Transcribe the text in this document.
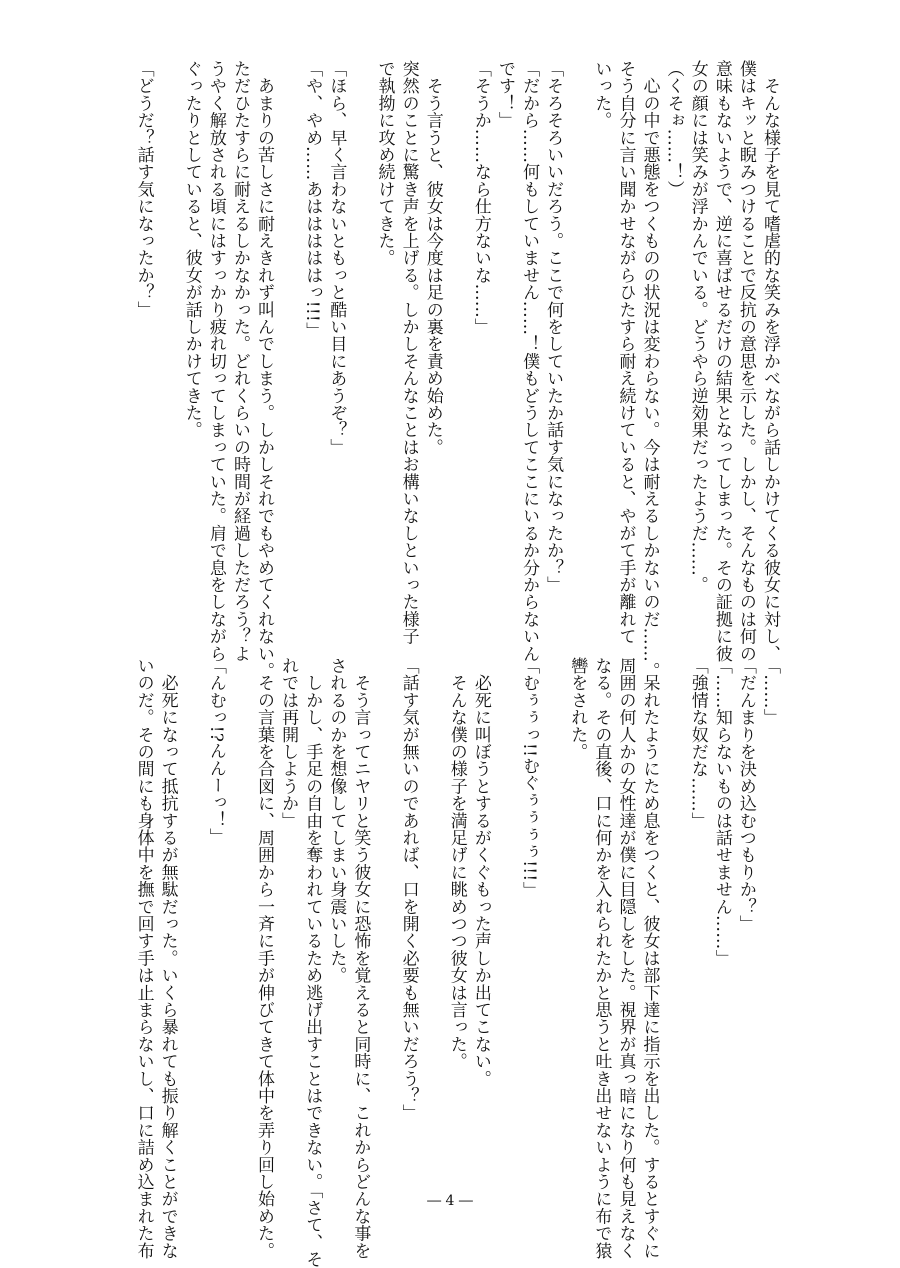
　そんな様子を見て嗜虐的な笑みを浮かべながら話しかけてくる彼女に対し、
僕はキッと睨みつけることで反抗の意思を示した。しかし、そんなものは何の
意味もないようで、逆に喜ばせるだけの結果となってしまった。その証拠に彼
女の顔には笑みが浮かんでいる。どうやら逆効果だったようだ……。
（くそぉ……！）
　心の中で悪態をつくものの状況は変わらない。今は耐えるしかないのだ……。
そう自分に言い聞かせながらひたすら耐え続けていると、やがて手が離れて
いった。

「そろそろいいだろう。ここで何をしていたか話す気になったか？」
「だから……何もしていません……！僕もどうしてここにいるか分からないん
です！」
「そうか……なら仕方ないな……」

　そう言うと、彼女は今度は足の裏を責め始めた。
突然のことに驚き声を上げる。しかしそんなことはお構いなしといった様子
で執拗に攻め続けてきた。

「ほら、早く言わないともっと酷い目にあうぞ？」
「や、やめ……あはははははっ!!!」

　あまりの苦しさに耐えきれず叫んでしまう。しかしそれでもやめてくれない。
ただひたすらに耐えるしかなかった。どれくらいの時間が経過しただろう？よ
うやく解放される頃にはすっかり疲れ切ってしまっていた。肩で息をしながら
ぐったりとしていると、彼女が話しかけてきた。

「どうだ？話す気になったか？」
「……」
「だんまりを決め込むつもりか？」
「……知らないものは話せません……」
「強情な奴だな……」

　呆れたようにため息をつくと、彼女は部下達に指示を出した。するとすぐに
周囲の何人かの女性達が僕に目隠しをした。視界が真っ暗になり何も見えなく
なる。その直後、口に何かを入れられたかと思うと吐き出せないように布で猿
轡をされた。

「むぅぅっ!!むぐぅぅぅぅ!!!」

　必死に叫ぼうとするがくぐもった声しか出てこない。
　そんな僕の様子を満足げに眺めつつ彼女は言った。

「話す気が無いのであれば、口を開く必要も無いだろう？」

　そう言ってニヤリと笑う彼女に恐怖を覚えると同時に、これからどんな事を
されるのかを想像してしまい身震いした。
　しかし、手足の自由を奪われているため逃げ出すことはできない。「さて、そ
れでは再開しようか」
　その言葉を合図に、周囲から一斉に手が伸びてきて体中を弄り回し始めた。

「んむっ!?んんーっ！」

　必死になって抵抗するが無駄だった。いくら暴れても振り解くことができな
いのだ。その間にも身体中を撫で回す手は止まらないし、口に詰め込まれた布	― 4 ―
